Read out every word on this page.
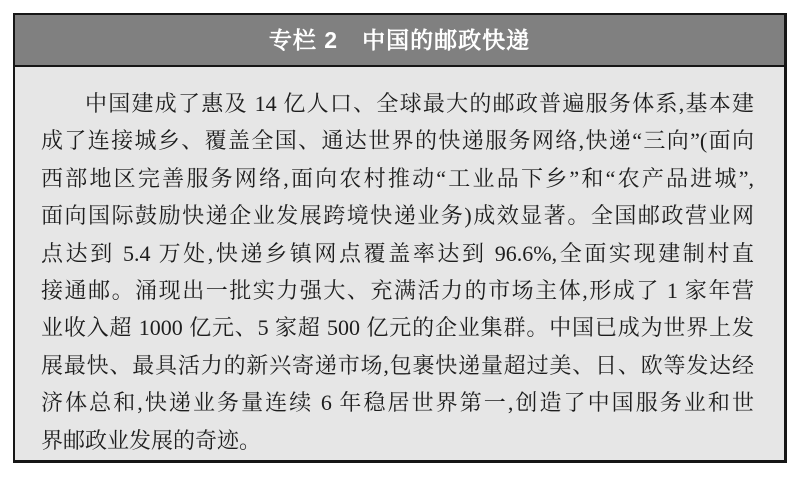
专栏 2　中国的邮政快递
中国建成了惠及 14 亿人口、全球最大的邮政普遍服务体系,基本建
成了连接城乡、覆盖全国、通达世界的快递服务网络,快递“三向”(面向
西部地区完善服务网络,面向农村推动“工业品下乡”和“农产品进城”,
面向国际鼓励快递企业发展跨境快递业务)成效显著。全国邮政营业网
点达到 5.4 万处,快递乡镇网点覆盖率达到 96.6%,全面实现建制村直
接通邮。涌现出一批实力强大、充满活力的市场主体,形成了 1 家年营
业收入超 1000 亿元、5 家超 500 亿元的企业集群。中国已成为世界上发
展最快、最具活力的新兴寄递市场,包裹快递量超过美、日、欧等发达经
济体总和,快递业务量连续 6 年稳居世界第一,创造了中国服务业和世
界邮政业发展的奇迹。
